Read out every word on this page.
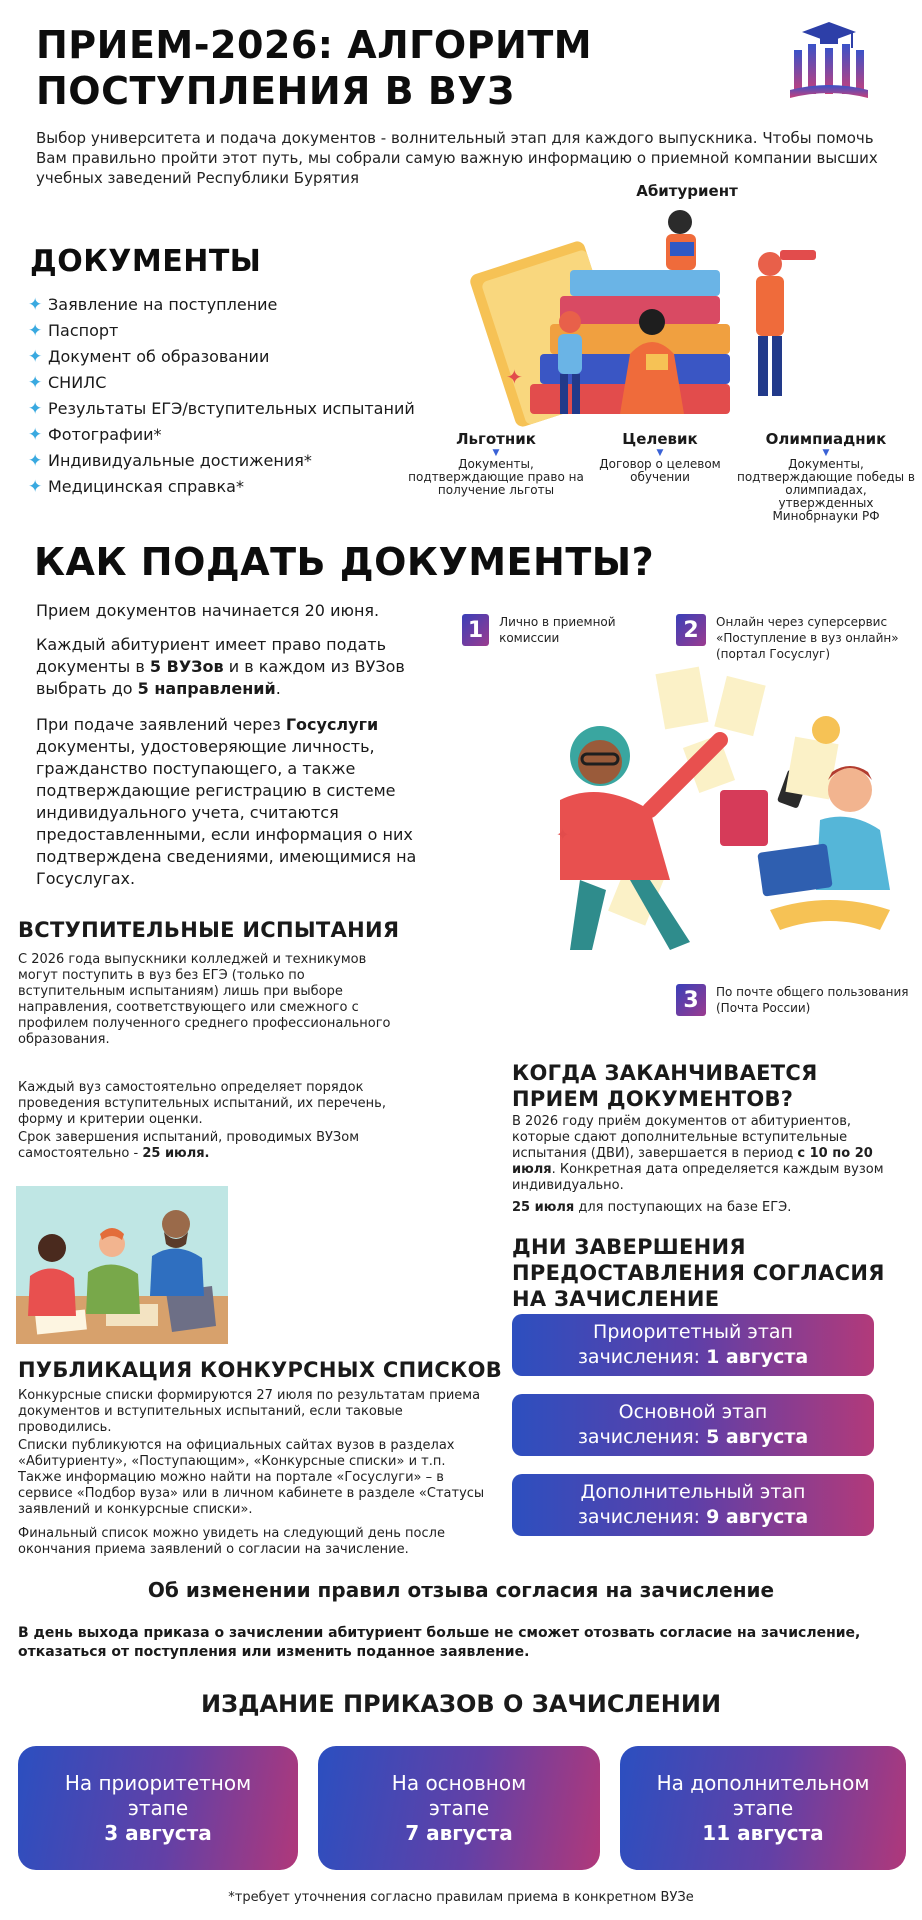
ПРИЕМ-2026: АЛГОРИТМ
ПОСТУПЛЕНИЯ В ВУЗ
Выбор университета и подача документов - волнительный этап для каждого выпускника. Чтобы помочь Вам правильно пройти этот путь, мы собрали самую важную информацию о приемной компании высших учебных заведений Республики Бурятия
ДОКУМЕНТЫ
✦ Заявление на поступление
✦ Паспорт
✦ Документ об образовании
✦ СНИЛС
✦ Результаты ЕГЭ/вступительных испытаний
✦ Фотографии*
✦ Индивидуальные достижения*
✦ Медицинская справка*
Абитуриент
✦
Льготник
▼
Документы, подтверждающие право на получение льготы
Целевик
▼
Договор о целевом обучении
Олимпиадник
▼
Документы, подтверждающие победы в олимпиадах, утвержденных Минобрнауки РФ
КАК ПОДАТЬ ДОКУМЕНТЫ?
Прием документов начинается 20 июня.
Каждый абитуриент имеет право подать документы в 5 ВУЗов и в каждом из ВУЗов выбрать до 5 направлений.
При подаче заявлений через Госуслуги документы, удостоверяющие личность, гражданство поступающего, а также подтверждающие регистрацию в системе индивидуального учета, считаются предоставленными, если информация о них подтверждена сведениями, имеющимися на Госуслугах.
1	Лично в приемной комиссии	2	Онлайн через суперсервис «Поступление в вуз онлайн» (портал Госуслуг)
✦
3	По почте общего пользования (Почта России)
ВСТУПИТЕЛЬНЫЕ ИСПЫТАНИЯ
С 2026 года выпускники колледжей и техникумов могут поступить в вуз без ЕГЭ (только по вступительным испытаниям) лишь при выборе направления, соответствующего или смежного с профилем полученного среднего профессионального образования.
Каждый вуз самостоятельно определяет порядок проведения вступительных испытаний, их перечень, форму и критерии оценки.
Срок завершения испытаний, проводимых ВУЗом самостоятельно - 25 июля.
КОГДА ЗАКАНЧИВАЕТСЯ
ПРИЕМ ДОКУМЕНТОВ?
В 2026 году приём документов от абитуриентов, которые сдают дополнительные вступительные испытания (ДВИ), завершается в период с 10 по 20 июля. Конкретная дата определяется каждым вузом индивидуально.
25 июля для поступающих на базе ЕГЭ.
ДНИ ЗАВЕРШЕНИЯ
ПРЕДОСТАВЛЕНИЯ СОГЛАСИЯ
НА ЗАЧИСЛЕНИЕ
Приоритетный этап
зачисления: 1 августа
Основной этап
зачисления: 5 августа
Дополнительный этап
зачисления: 9 августа
ПУБЛИКАЦИЯ КОНКУРСНЫХ СПИСКОВ
Конкурсные списки формируются 27 июля по результатам приема документов и вступительных испытаний, если таковые проводились.
Списки публикуются на официальных сайтах вузов в разделах «Абитуриенту», «Поступающим», «Конкурсные списки» и т.п. Также информацию можно найти на портале «Госуслуги» – в сервисе «Подбор вуза» или в личном кабинете в разделе «Статусы заявлений и конкурсные списки».
Финальный список можно увидеть на следующий день после окончания приема заявлений о согласии на зачисление.
Об изменении правил отзыва согласия на зачисление
В день выхода приказа о зачислении абитуриент больше не сможет отозвать согласие на зачисление, отказаться от поступления или изменить поданное заявление.
ИЗДАНИЕ ПРИКАЗОВ О ЗАЧИСЛЕНИИ
На приоритетном
этапе
3 августа
На основном
этапе
7 августа
На дополнительном
этапе
11 августа
*требует уточнения согласно правилам приема в конкретном ВУЗе
